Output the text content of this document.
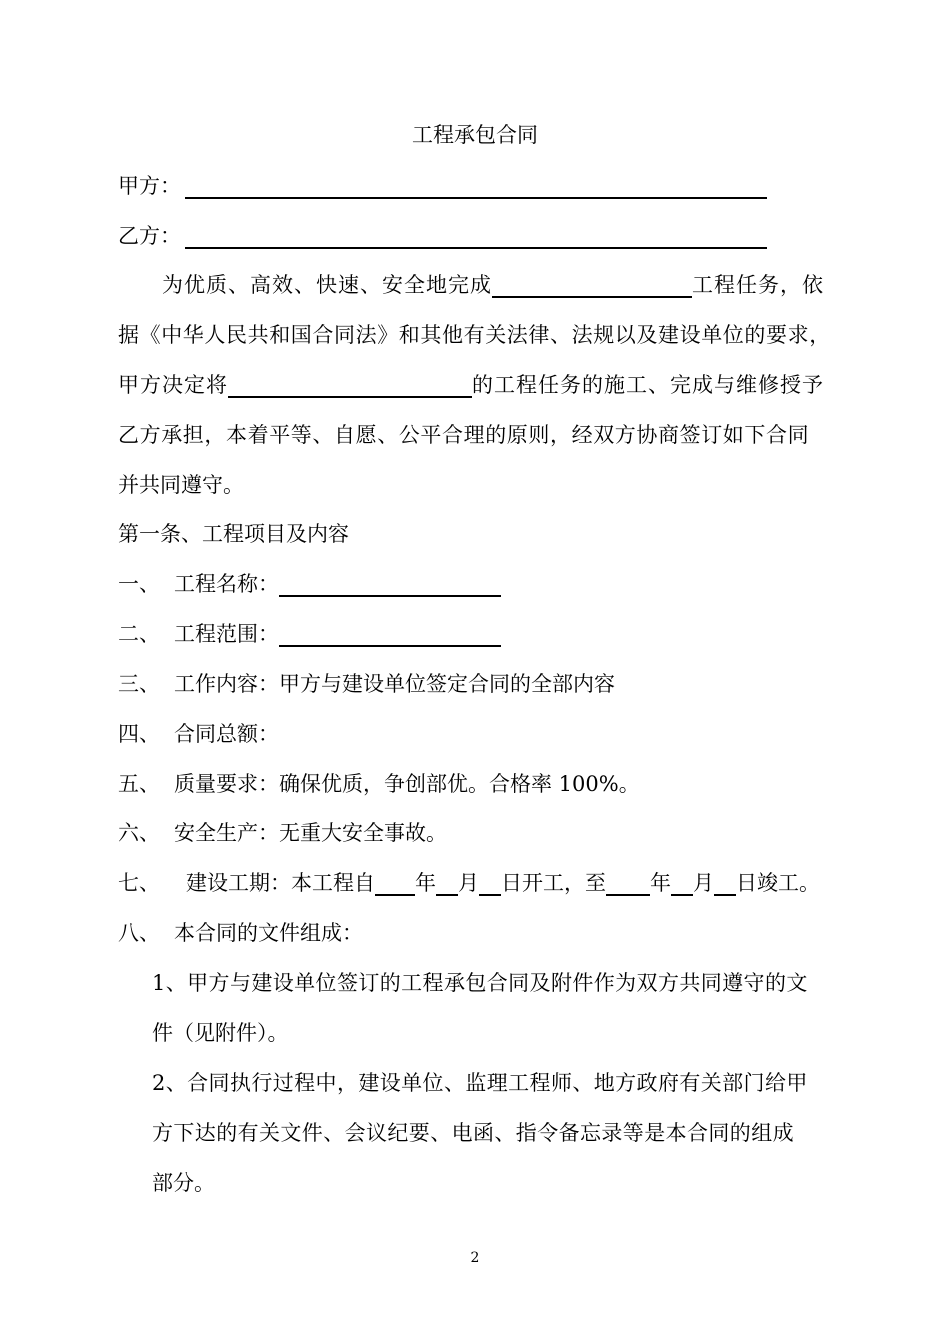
工程承包合同
甲方：
乙方：
为优质、高效、快速、安全地完成	工程任务，依
据《中华人民共和国合同法》和其他有关法律、法规以及建设单位的要求，
甲方决定将	的工程任务的施工、完成与维修授予
乙方承担，本着平等、自愿、公平合理的原则，经双方协商签订如下合同
并共同遵守。
第一条、工程项目及内容
一、 工程名称：
二、 工程范围：
三、 工作内容：甲方与建设单位签定合同的全部内容
四、 合同总额：
五、 质量要求：确保优质，争创部优。合格率 100%。
六、 安全生产：无重大安全事故。
七、 建设工期：本工程自 年 月 日开工，至 年 月 日竣工。
八、 本合同的文件组成：
1、甲方与建设单位签订的工程承包合同及附件作为双方共同遵守的文
件（见附件）。
2、合同执行过程中，建设单位、监理工程师、地方政府有关部门给甲
方下达的有关文件、会议纪要、电函、指令备忘录等是本合同的组成
部分。
2
